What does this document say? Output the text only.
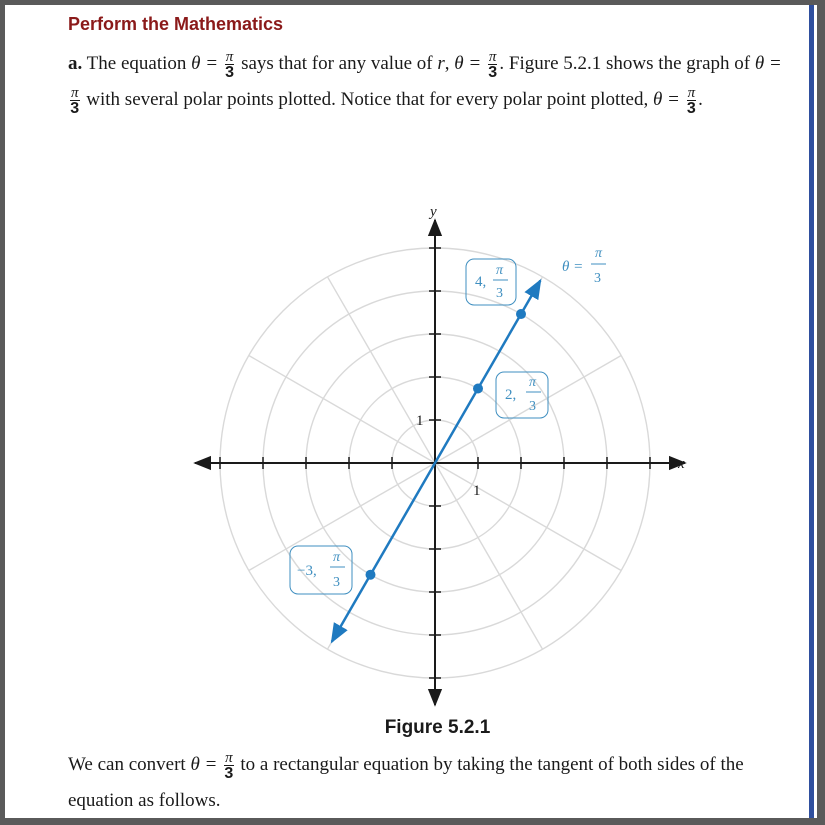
Perform the Mathematics
a. The equation $\theta = \frac{\pi}{3}$ says that for any value of r, $\theta = \frac{\pi}{3}$ . Figure 5.2.1 shows the graph of θ =
$\frac{\pi}{3}$ with several polar points plotted. Notice that for every polar point plotted, $\theta = \frac{\pi}{3}$ .
x
y
1
1
θ =
π
3
4,
π
3
2,
π
3
−3,
π
3
Figure 5.2.1
We can convert $\theta = \frac{\pi}{3}$ to a rectangular equation by taking the tangent of both sides of the equation as follows.
